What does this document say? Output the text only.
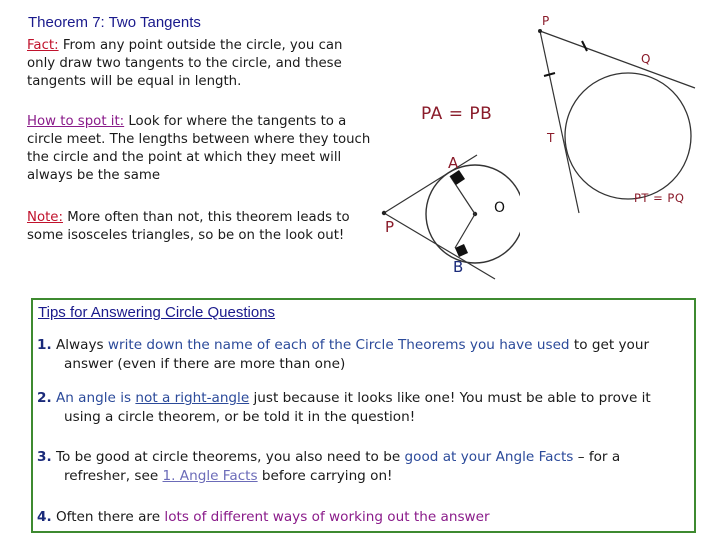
Theorem 7: Two Tangents
Fact: From any point outside the circle, you can only draw two tangents to the circle, and these tangents will be equal in length.
How to spot it: Look for where the tangents to a circle meet. The lengths between where they touch the circle and the point at which they meet will always be the same
Note: More often than not, this theorem leads to some isosceles triangles, so be on the look out!
PA = PB
A
P
B
O
P
Q
T
PT = PQ
Tips for Answering Circle Questions
1. Always write down the name of each of the Circle Theorems you have used to get your
answer (even if there are more than one)
2. An angle is not a right-angle just because it looks like one! You must be able to prove it
using a circle theorem, or be told it in the question!
3. To be good at circle theorems, you also need to be good at your Angle Facts – for a
refresher, see 1. Angle Facts before carrying on!
4. Often there are lots of different ways of working out the answer
